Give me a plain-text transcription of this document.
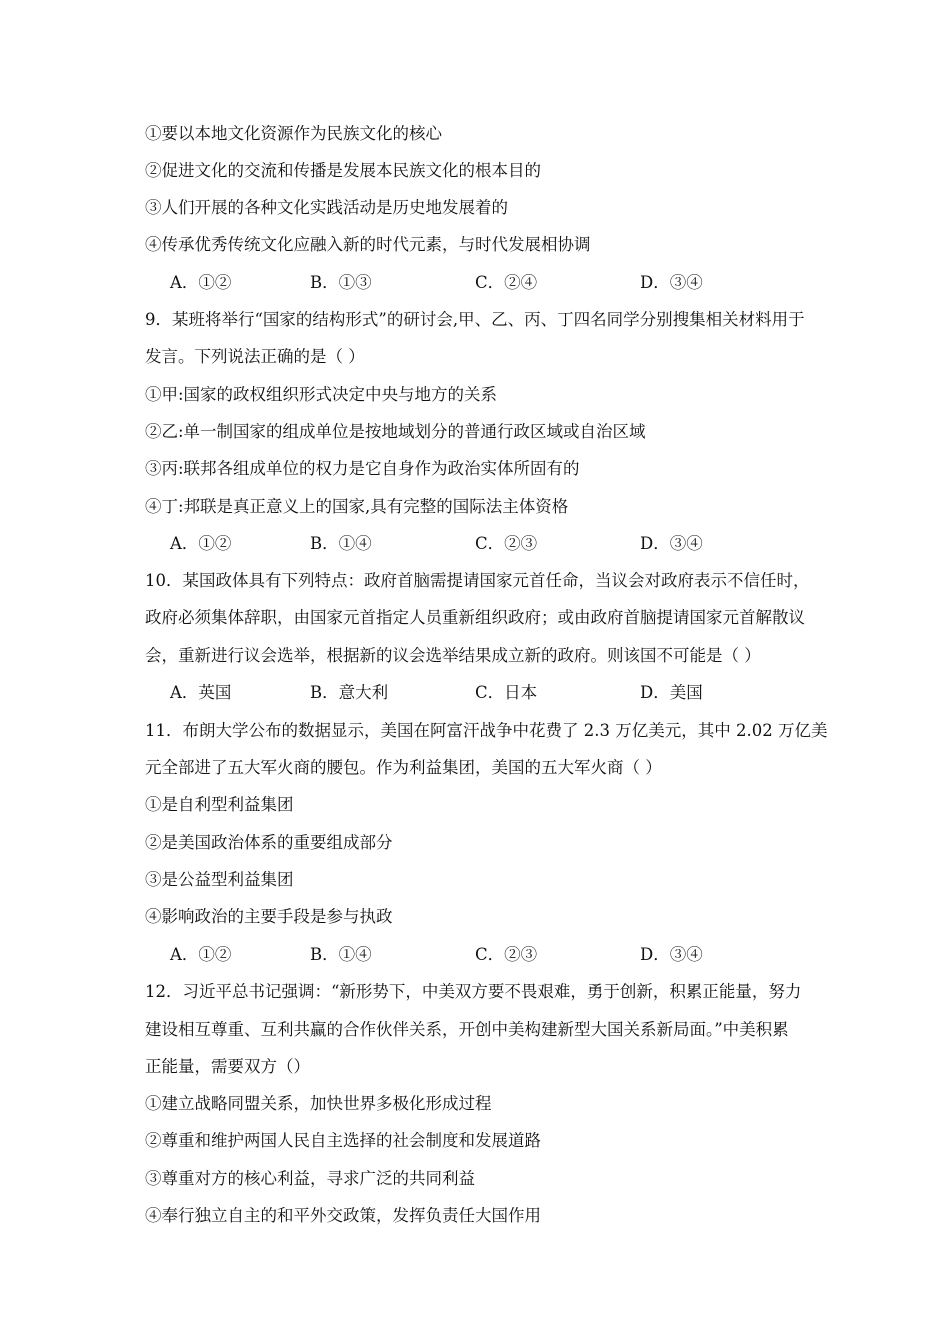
①要以本地文化资源作为民族文化的核心
②促进文化的交流和传播是发展本民族文化的根本目的
③人们开展的各种文化实践活动是历史地发展着的
④传承优秀传统文化应融入新的时代元素，与时代发展相协调
A．①②	B．①③	C．②④	D．③④
9．某班将举行“国家的结构形式”的研讨会,甲、乙、丙、丁四名同学分别搜集相关材料用于
发言。下列说法正确的是（ ）
①甲:国家的政权组织形式决定中央与地方的关系
②乙:单一制国家的组成单位是按地域划分的普通行政区域或自治区域
③丙:联邦各组成单位的权力是它自身作为政治实体所固有的
④丁:邦联是真正意义上的国家,具有完整的国际法主体资格
A．①②	B．①④	C．②③	D．③④
10．某国政体具有下列特点：政府首脑需提请国家元首任命，当议会对政府表示不信任时，
政府必须集体辞职，由国家元首指定人员重新组织政府；或由政府首脑提请国家元首解散议
会，重新进行议会选举，根据新的议会选举结果成立新的政府。则该国不可能是（ ）
A．英国	B．意大利	C．日本	D．美国
11．布朗大学公布的数据显示，美国在阿富汗战争中花费了 2.3 万亿美元，其中 2.02 万亿美
元全部进了五大军火商的腰包。作为利益集团，美国的五大军火商（ ）
①是自利型利益集团
②是美国政治体系的重要组成部分
③是公益型利益集团
④影响政治的主要手段是参与执政
A．①②	B．①④	C．②③	D．③④
12．习近平总书记强调：“新形势下，中美双方要不畏艰难，勇于创新，积累正能量，努力
建设相互尊重、互利共赢的合作伙伴关系，开创中美构建新型大国关系新局面。”中美积累
正能量，需要双方（）
①建立战略同盟关系，加快世界多极化形成过程
②尊重和维护两国人民自主选择的社会制度和发展道路
③尊重对方的核心利益，寻求广泛的共同利益
④奉行独立自主的和平外交政策，发挥负责任大国作用
